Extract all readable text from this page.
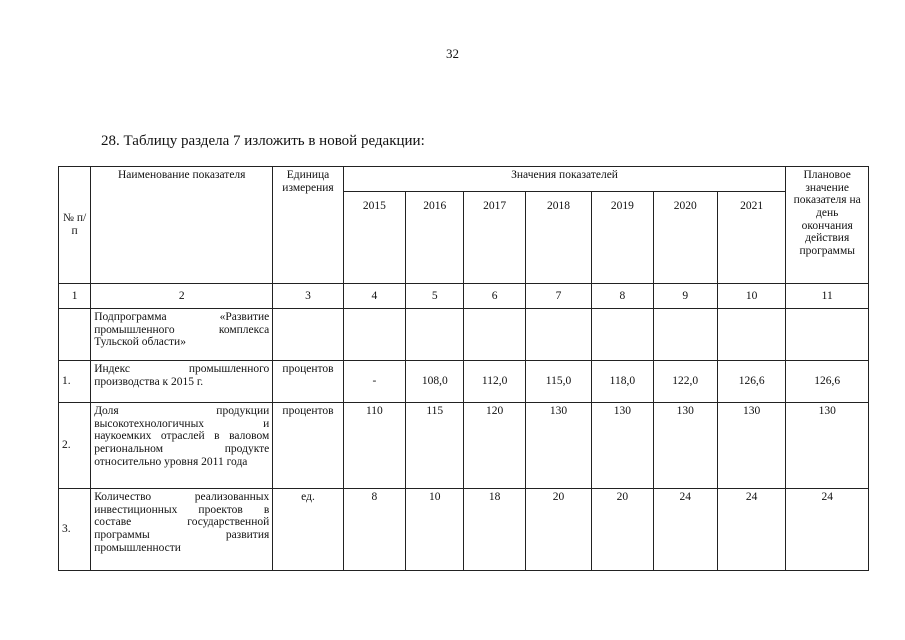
32
28. Таблицу раздела 7 изложить в новой редакции:
№ п/п	Наименование показателя	Единица измерения	Значения показателей							Плановое значение показателя на день окончания действия программы
			2015	2016	2017	2018	2019	2020	2021	
1	2	3	4	5	6	7	8	9	10	11
	Подпрограмма «Развитие промышленного комплекса Тульской области»									
1.	Индекс промышленного производства к 2015 г.	процентов	-	108,0	112,0	115,0	118,0	122,0	126,6	126,6
2.	Доля продукции высокотехнологичных и наукоемких отраслей в валовом региональном продукте относительно уровня 2011 года	процентов	110	115	120	130	130	130	130	130
3.	Количество реализованных инвестиционных проектов в составе государственной программы развития промышленности	ед.	8	10	18	20	20	24	24	24
